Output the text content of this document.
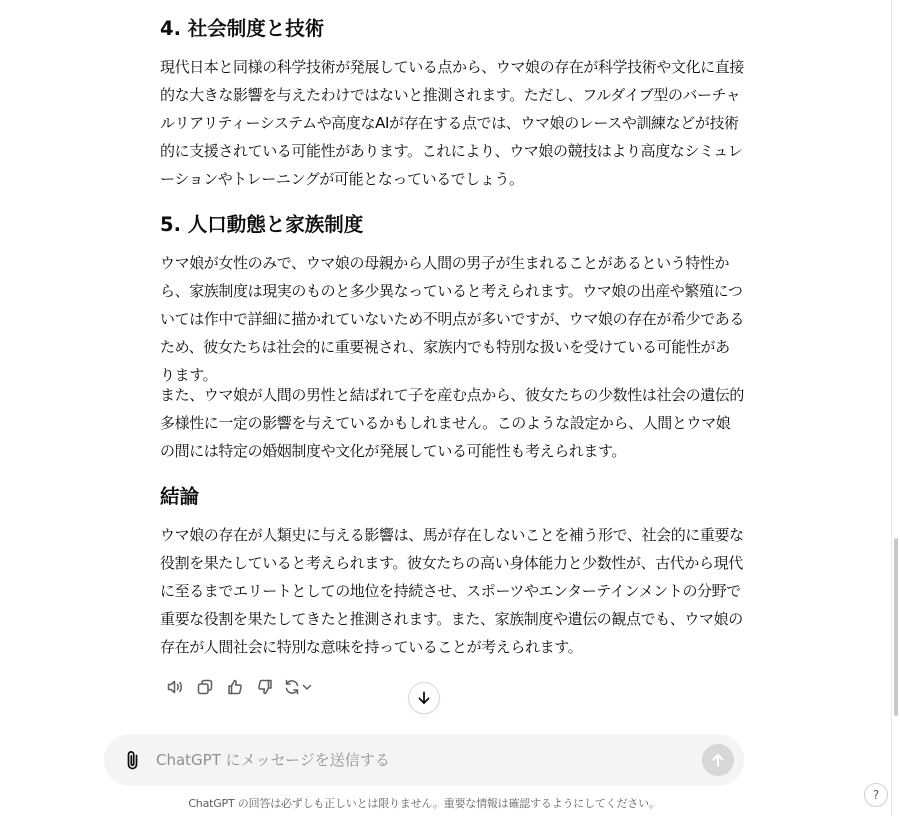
4. 社会制度と技術

現代日本と同様の科学技術が発展している点から、ウマ娘の存在が科学技術や文化に直接的な大きな影響を与えたわけではないと推測されます。ただし、フルダイブ型のバーチャルリアリティーシステムや高度なAIが存在する点では、ウマ娘のレースや訓練などが技術的に支援されている可能性があります。これにより、ウマ娘の競技はより高度なシミュレーションやトレーニングが可能となっているでしょう。

5. 人口動態と家族制度

ウマ娘が女性のみで、ウマ娘の母親から人間の男子が生まれることがあるという特性から、家族制度は現実のものと多少異なっていると考えられます。ウマ娘の出産や繁殖については作中で詳細に描かれていないため不明点が多いですが、ウマ娘の存在が希少であるため、彼女たちは社会的に重要視され、家族内でも特別な扱いを受けている可能性があります。

また、ウマ娘が人間の男性と結ばれて子を産む点から、彼女たちの少数性は社会の遺伝的多様性に一定の影響を与えているかもしれません。このような設定から、人間とウマ娘の間には特定の婚姻制度や文化が発展している可能性も考えられます。

結論

ウマ娘の存在が人類史に与える影響は、馬が存在しないことを補う形で、社会的に重要な役割を果たしていると考えられます。彼女たちの高い身体能力と少数性が、古代から現代に至るまでエリートとしての地位を持続させ、スポーツやエンターテインメントの分野で重要な役割を果たしてきたと推測されます。また、家族制度や遺伝の観点でも、ウマ娘の存在が人間社会に特別な意味を持っていることが考えられます。

ChatGPT にメッセージを送信する
ChatGPT の回答は必ずしも正しいとは限りません。重要な情報は確認するようにしてください。
?
